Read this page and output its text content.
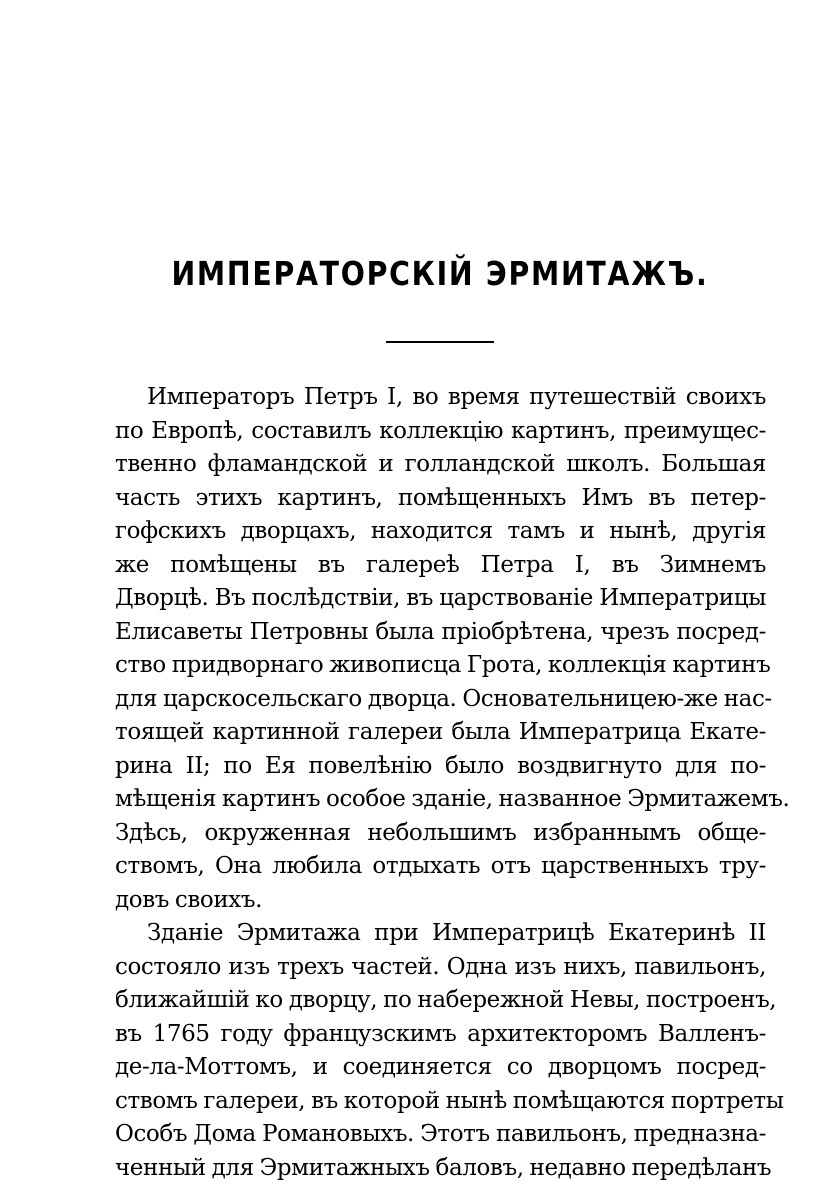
ИМПЕРАТОРСКІЙ ЭРМИТАЖЪ.
Императоръ Петръ I, во время путешествій своихъ
по Европѣ, составилъ коллекцію картинъ, преимущес-
твенно фламандской и голландской школъ. Большая
часть этихъ картинъ, помѣщенныхъ Имъ въ петер-
гофскихъ дворцахъ, находится тамъ и нынѣ, другія
же помѣщены въ галереѣ Петра I, въ Зимнемъ
Дворцѣ. Въ послѣдствіи, въ царствованіе Императрицы
Елисаветы Петровны была пріобрѣтена, чрезъ посред-
ство придворнаго живописца Грота, коллекція картинъ
для царскосельскаго дворца. Основательницею-же нас-
тоящей картинной галереи была Императрица Екате-
рина II; по Ея повелѣнію было воздвигнуто для по-
мѣщенія картинъ особое зданіе, названное Эрмитажемъ.
Здѣсь, окруженная небольшимъ избраннымъ обще-
ствомъ, Она любила отдыхать отъ царственныхъ тру-
довъ своихъ.
Зданіе Эрмитажа при Императрицѣ Екатеринѣ II
состояло изъ трехъ частей. Одна изъ нихъ, павильонъ,
ближайшій ко дворцу, по набережной Невы, построенъ,
въ 1765 году французскимъ архитекторомъ Валленъ-
де-ла-Моттомъ, и соединяется со дворцомъ посред-
ствомъ галереи, въ которой нынѣ помѣщаются портреты
Особъ Дома Романовыхъ. Этотъ павильонъ, предназна-
ченный для Эрмитажныхъ баловъ, недавно передѣланъ
